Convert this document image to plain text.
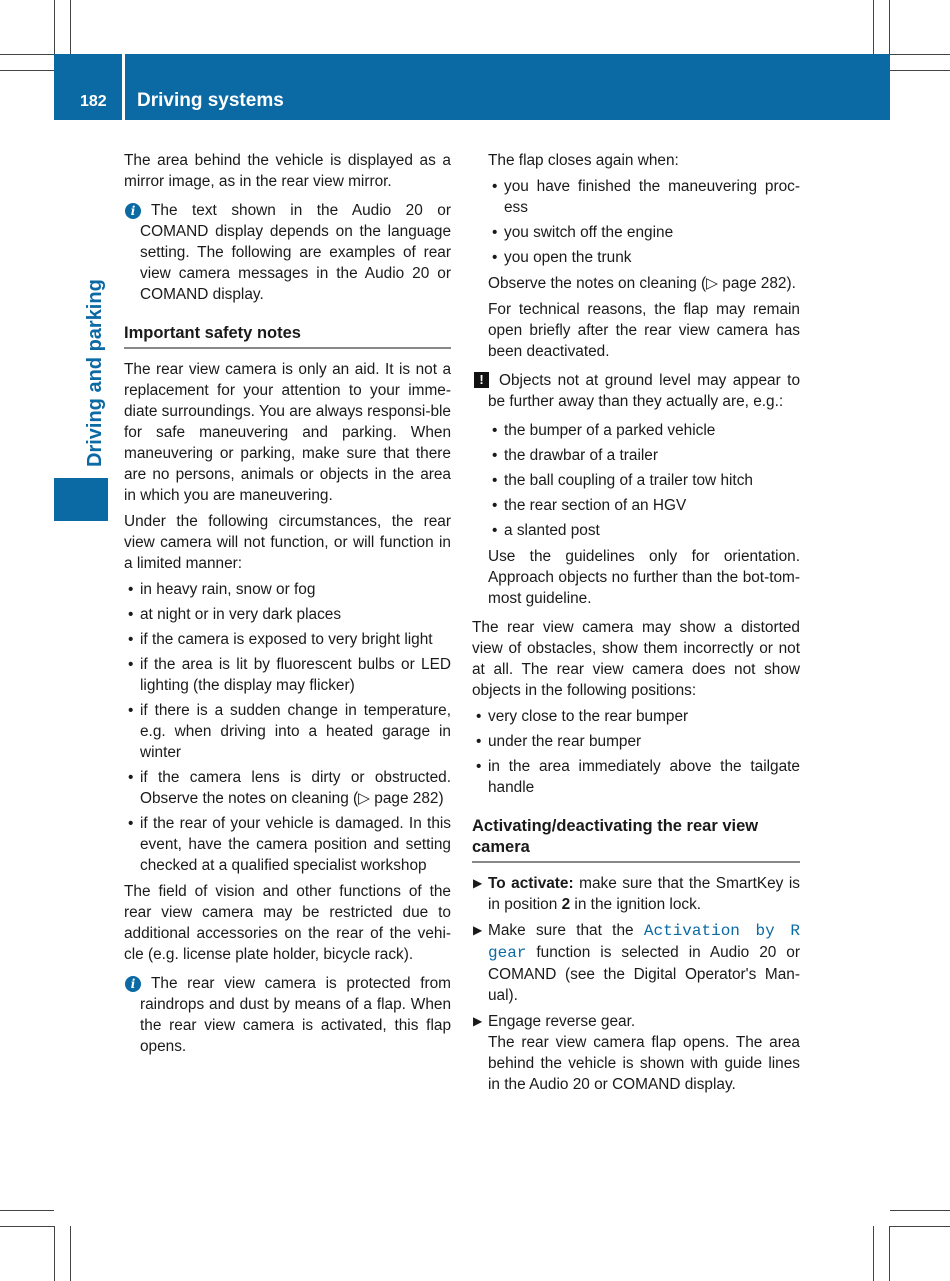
182 Driving systems
Driving and parking

The area behind the vehicle is displayed as a mirror image, as in the rear view mirror.

i	The text shown in the Audio 20 or COMAND display depends on the language setting. The following are examples of rear view camera messages in the Audio 20 or COMAND display.
Important safety notes

The rear view camera is only an aid. It is not a replacement for your attention to your imme-diate surroundings. You are always responsi-ble for safe maneuvering and parking. When maneuvering or parking, make sure that there are no persons, animals or objects in the area in which you are maneuvering.

Under the following circumstances, the rear view camera will not function, or will function in a limited manner:

• in heavy rain, snow or fog
• at night or in very dark places
• if the camera is exposed to very bright light
• if the area is lit by fluorescent bulbs or LED lighting (the display may flicker)
• if there is a sudden change in temperature, e.g. when driving into a heated garage in winter
• if the camera lens is dirty or obstructed. Observe the notes on cleaning (▷ page 282)
• if the rear of your vehicle is damaged. In this event, have the camera position and setting checked at a qualified specialist workshop

The field of vision and other functions of the rear view camera may be restricted due to additional accessories on the rear of the vehi-cle (e.g. license plate holder, bicycle rack).

i	The rear view camera is protected from raindrops and dust by means of a flap. When the rear view camera is activated, this flap opens.

The flap closes again when:

• you have finished the maneuvering proc-ess
• you switch off the engine
• you open the trunk

Observe the notes on cleaning (▷ page 282).

For technical reasons, the flap may remain open briefly after the rear view camera has been deactivated.

! Objects not at ground level may appear to be further away than they actually are, e.g.:
• the bumper of a parked vehicle
• the drawbar of a trailer
• the ball coupling of a trailer tow hitch
• the rear section of an HGV
• a slanted post

Use the guidelines only for orientation. Approach objects no further than the bot-tom-most guideline.

The rear view camera may show a distorted view of obstacles, show them incorrectly or not at all. The rear view camera does not show objects in the following positions:

• very close to the rear bumper
• under the rear bumper
• in the area immediately above the tailgate handle
Activating/deactivating the rear view camera
▶ To activate: make sure that the SmartKey is in position 2 in the ignition lock.
▶ Make sure that the Activation by R gear function is selected in Audio 20 or COMAND (see the Digital Operator's Man-ual).
▶ Engage reverse gear.
The rear view camera flap opens. The area behind the vehicle is shown with guide lines in the Audio 20 or COMAND display.
